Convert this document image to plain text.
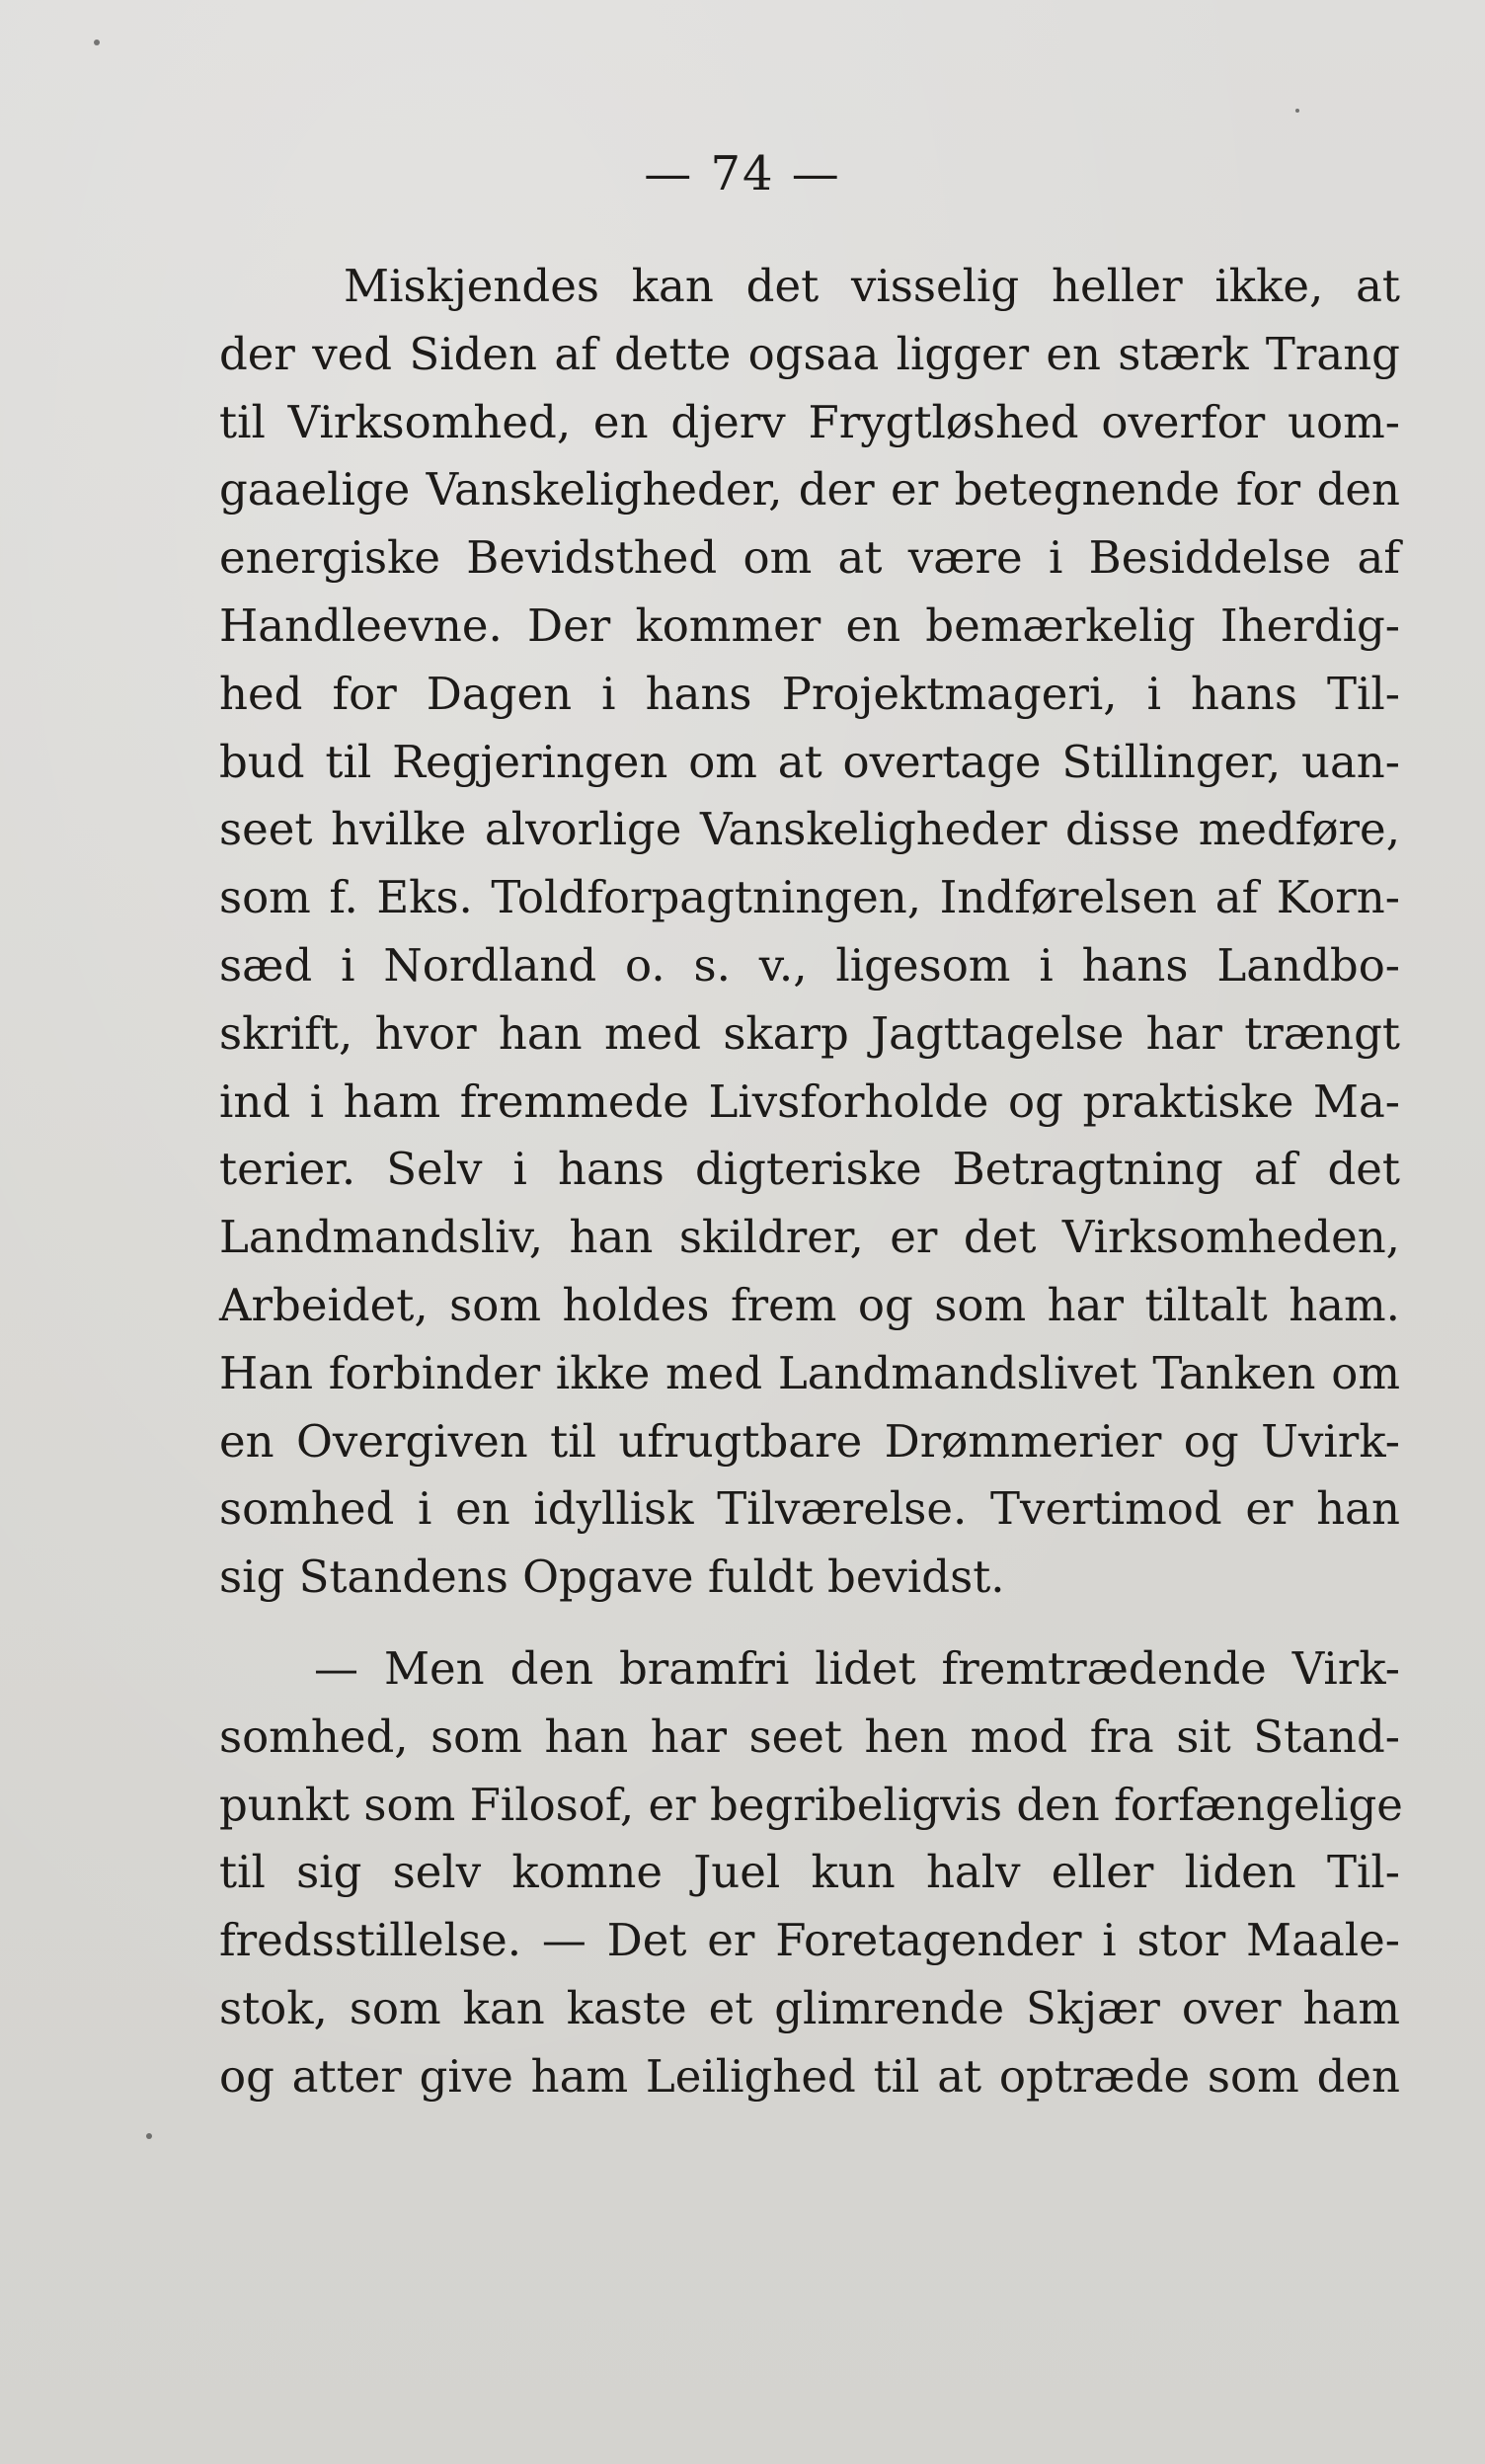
— 74 —
Miskjendes kan det visselig heller ikke, at
der ved Siden af dette ogsaa ligger en stærk Trang
til Virksomhed, en djerv Frygtløshed overfor uom-
gaaelige Vanskeligheder, der er betegnende for den
energiske Bevidsthed om at være i Besiddelse af
Handleevne. Der kommer en bemærkelig Iherdig-
hed for Dagen i hans Projektmageri, i hans Til-
bud til Regjeringen om at overtage Stillinger, uan-
seet hvilke alvorlige Vanskeligheder disse medføre,
som f. Eks. Toldforpagtningen, Indførelsen af Korn-
sæd i Nordland o. s. v., ligesom i hans Landbo-
skrift, hvor han med skarp Jagttagelse har trængt
ind i ham fremmede Livsforholde og praktiske Ma-
terier. Selv i hans digteriske Betragtning af det
Landmandsliv, han skildrer, er det Virksomheden,
Arbeidet, som holdes frem og som har tiltalt ham.
Han forbinder ikke med Landmandslivet Tanken om
en Overgiven til ufrugtbare Drømmerier og Uvirk-
somhed i en idyllisk Tilværelse. Tvertimod er han
sig Standens Opgave fuldt bevidst.
— Men den bramfri lidet fremtrædende Virk-
somhed, som han har seet hen mod fra sit Stand-
punkt som Filosof, er begribeligvis den forfængelige
til sig selv komne Juel kun halv eller liden Til-
fredsstillelse. — Det er Foretagender i stor Maale-
stok, som kan kaste et glimrende Skjær over ham
og atter give ham Leilighed til at optræde som den
